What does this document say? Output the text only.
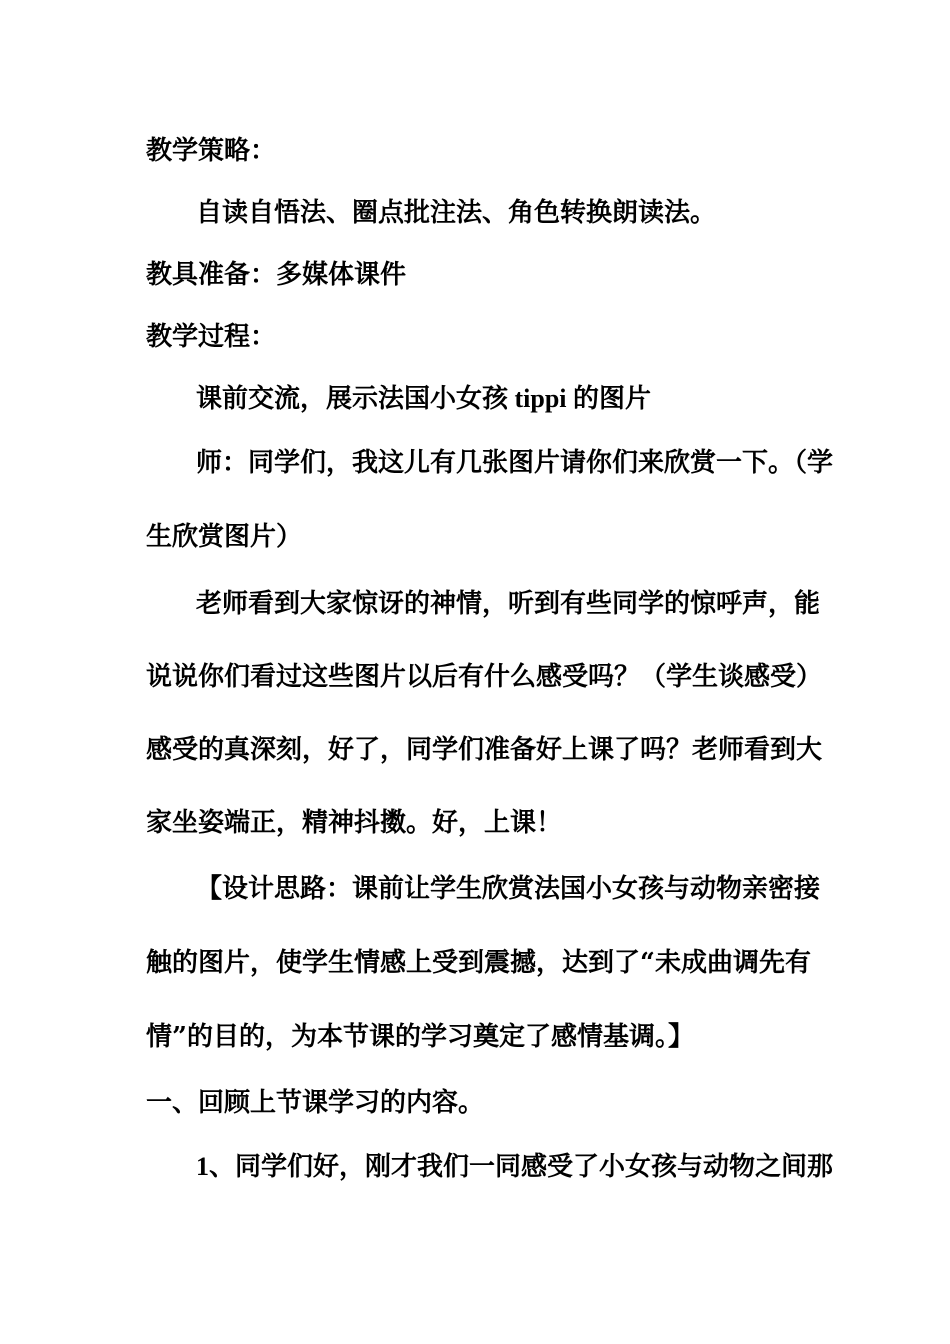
教学策略：
自读自悟法、圈点批注法、角色转换朗读法。
教具准备：多媒体课件
教学过程：
课前交流，展示法国小女孩 tippi 的图片
师：同学们，我这儿有几张图片请你们来欣赏一下。（学
生欣赏图片）
老师看到大家惊讶的神情，听到有些同学的惊呼声，能
说说你们看过这些图片以后有什么感受吗？（学生谈感受）
感受的真深刻，好了，同学们准备好上课了吗？老师看到大
家坐姿端正，精神抖擞。好，上课！
【设计思路：课前让学生欣赏法国小女孩与动物亲密接
触的图片，使学生情感上受到震撼，达到了“未成曲调先有
情”的目的，为本节课的学习奠定了感情基调。】
一、回顾上节课学习的内容。
1、同学们好，刚才我们一同感受了小女孩与动物之间那
